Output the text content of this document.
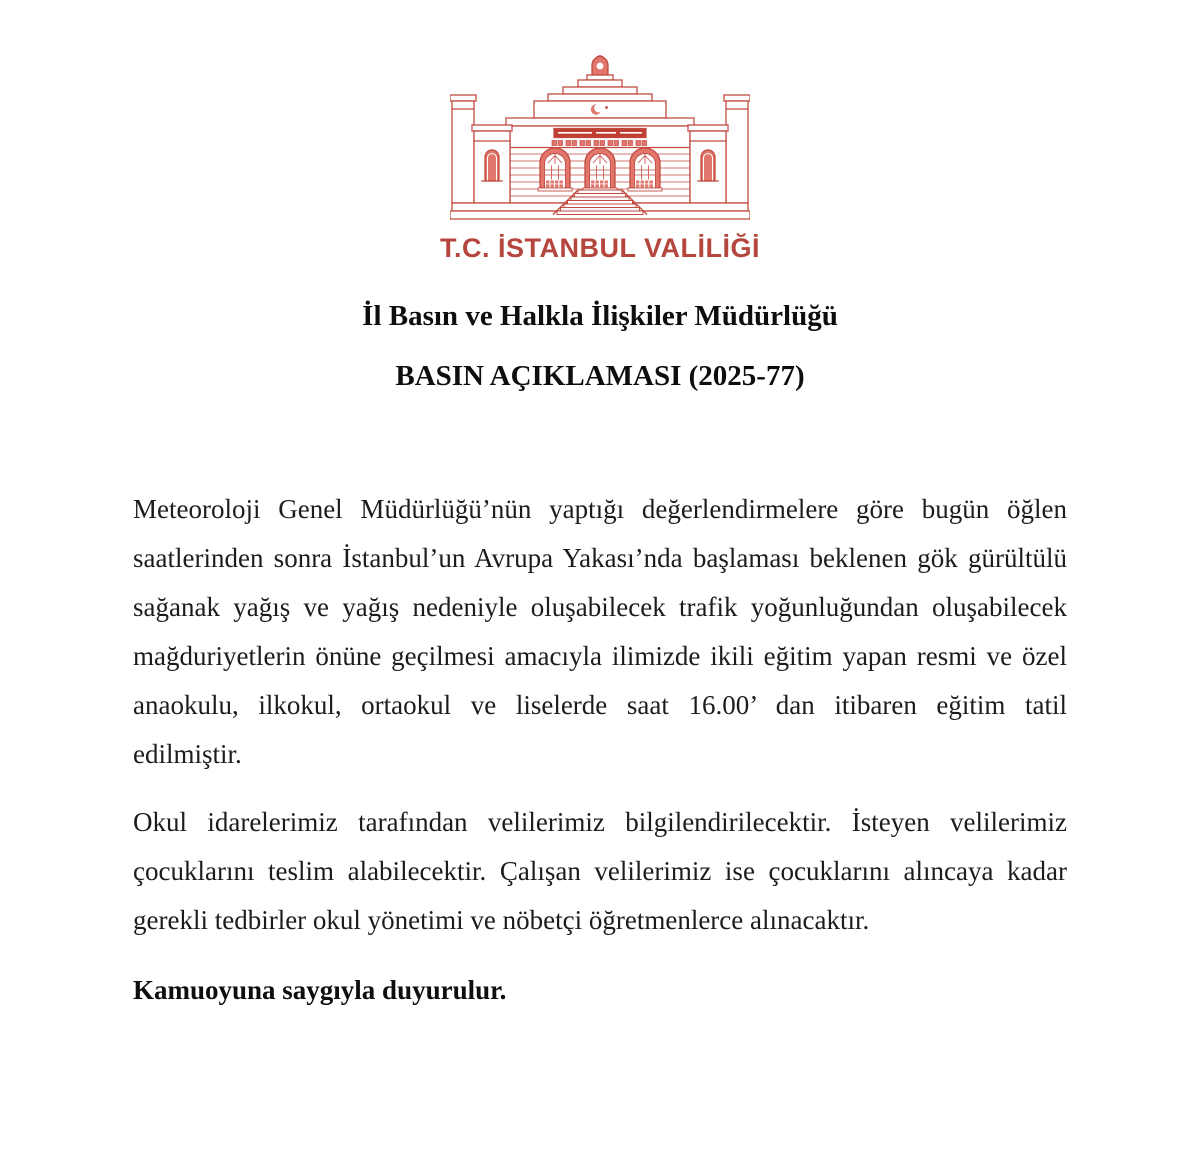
T.C. İSTANBUL VALİLİĞİ
İl Basın ve Halkla İlişkiler Müdürlüğü
BASIN AÇIKLAMASI (2025-77)
Meteoroloji Genel Müdürlüğü’nün yaptığı değerlendirmelere göre bugün öğlen
saatlerinden sonra İstanbul’un Avrupa Yakası’nda başlaması beklenen gök gürültülü
sağanak yağış ve yağış nedeniyle oluşabilecek trafik yoğunluğundan oluşabilecek
mağduriyetlerin önüne geçilmesi amacıyla ilimizde ikili eğitim yapan resmi ve özel
anaokulu, ilkokul, ortaokul ve liselerde saat 16.00’ dan itibaren eğitim tatil
edilmiştir.
Okul idarelerimiz tarafından velilerimiz bilgilendirilecektir. İsteyen velilerimiz
çocuklarını teslim alabilecektir. Çalışan velilerimiz ise çocuklarını alıncaya kadar
gerekli tedbirler okul yönetimi ve nöbetçi öğretmenlerce alınacaktır.
Kamuoyuna saygıyla duyurulur.
